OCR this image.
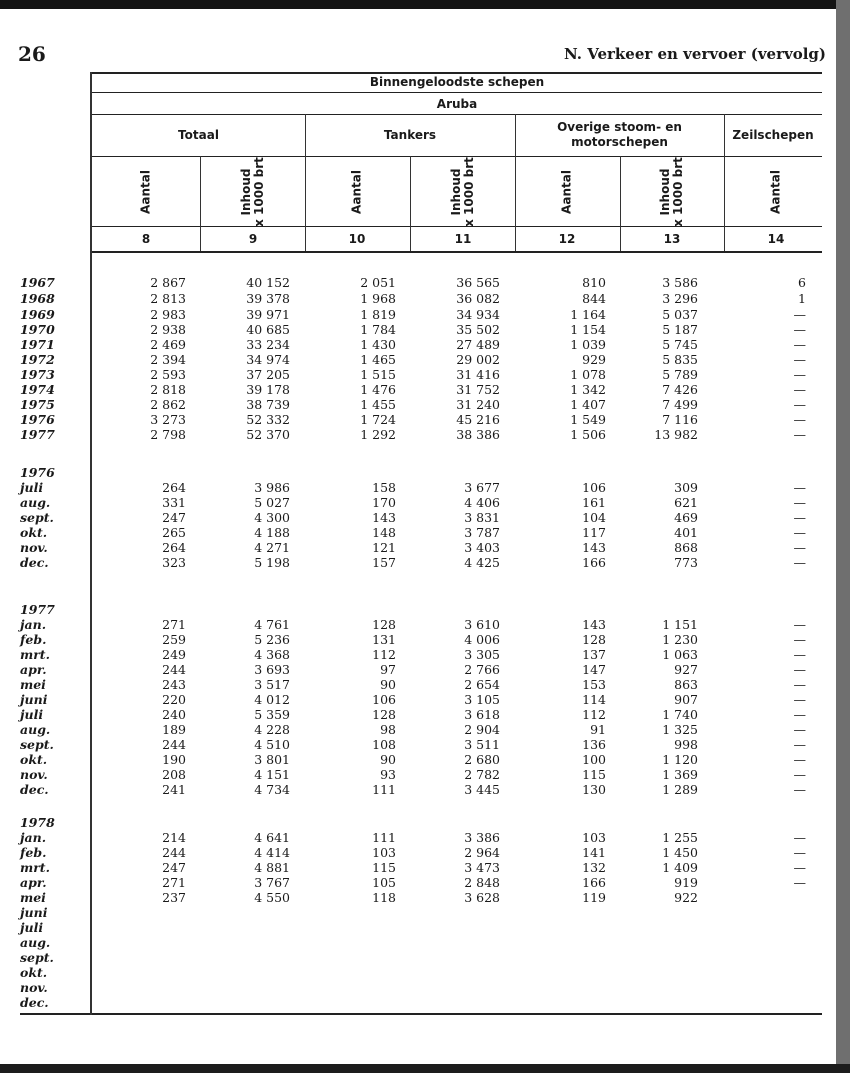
26	N. Verkeer en vervoer (vervolg)
Binnengeloodste schepen
Aruba
Totaal	Tankers
Overige stoom- en
motorschepen	Zeilschepen
Aantal	Inhoud x 1000 brt	Aantal	Inhoud x 1000 brt	Aantal	Inhoud x 1000 brt	Aantal
8	9	10	11	12	13	14
1967	2 867	40 152	2 051	36 565	810	3 586	6
1968	2 813	39 378	1 968	36 082	844	3 296	1
1969	2 983	39 971	1 819	34 934	1 164	5 037	—
1970	2 938	40 685	1 784	35 502	1 154	5 187	—
1971	2 469	33 234	1 430	27 489	1 039	5 745	—
1972	2 394	34 974	1 465	29 002	929	5 835	—
1973	2 593	37 205	1 515	31 416	1 078	5 789	—
1974	2 818	39 178	1 476	31 752	1 342	7 426	—
1975	2 862	38 739	1 455	31 240	1 407	7 499	—
1976	3 273	52 332	1 724	45 216	1 549	7 116	—
1977	2 798	52 370	1 292	38 386	1 506	13 982	—
1976
juli	264	3 986	158	3 677	106	309	—
aug.	331	5 027	170	4 406	161	621	—
sept.	247	4 300	143	3 831	104	469	—
okt.	265	4 188	148	3 787	117	401	—
nov.	264	4 271	121	3 403	143	868	—
dec.	323	5 198	157	4 425	166	773	—
1977
jan.	271	4 761	128	3 610	143	1 151	—
feb.	259	5 236	131	4 006	128	1 230	—
mrt.	249	4 368	112	3 305	137	1 063	—
apr.	244	3 693	97	2 766	147	927	—
mei	243	3 517	90	2 654	153	863	—
juni	220	4 012	106	3 105	114	907	—
juli	240	5 359	128	3 618	112	1 740	—
aug.	189	4 228	98	2 904	91	1 325	—
sept.	244	4 510	108	3 511	136	998	—
okt.	190	3 801	90	2 680	100	1 120	—
nov.	208	4 151	93	2 782	115	1 369	—
dec.	241	4 734	111	3 445	130	1 289	—
1978
jan.	214	4 641	111	3 386	103	1 255	—
feb.	244	4 414	103	2 964	141	1 450	—
mrt.	247	4 881	115	3 473	132	1 409	—
apr.	271	3 767	105	2 848	166	919	—
mei	237	4 550	118	3 628	119	922
juni
juli
aug.
sept.
okt.
nov.
dec.
